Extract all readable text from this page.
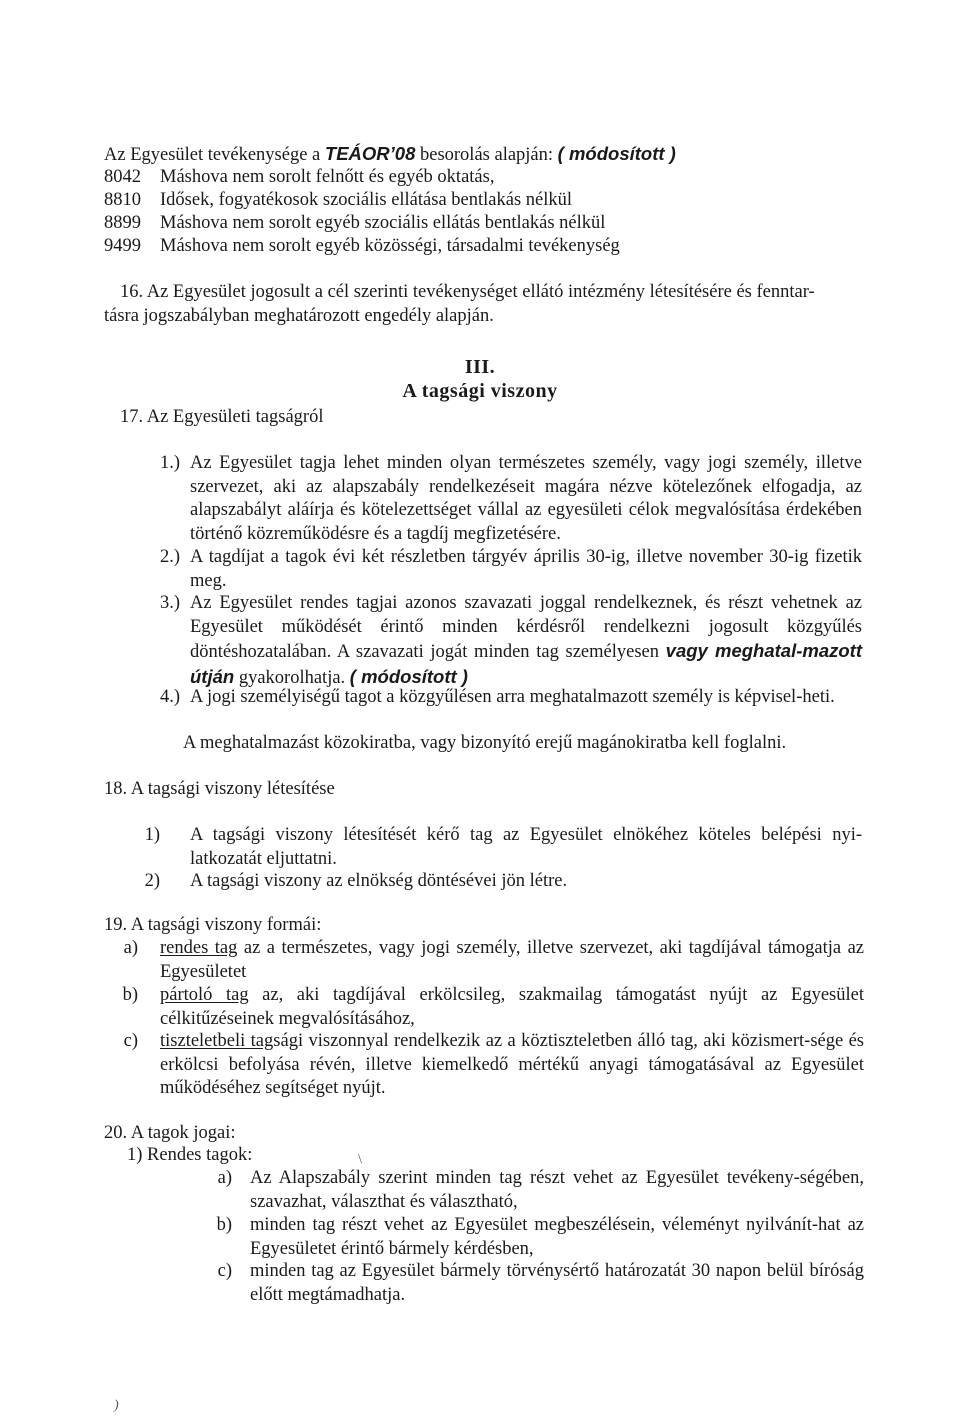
Az Egyesület tevékenysége a TEÁOR’08 besorolás alapján: ( módosított )
8042	Máshova nem sorolt felnőtt és egyéb oktatás,
8810	Idősek, fogyatékosok szociális ellátása bentlakás nélkül
8899	Máshova nem sorolt egyéb szociális ellátás bentlakás nélkül
9499	Máshova nem sorolt egyéb közösségi, társadalmi tevékenység
16. Az Egyesület jogosult a cél szerinti tevékenységet ellátó intézmény létesítésére és fenntar-
tásra jogszabályban meghatározott engedély alapján.
III.
A tagsági viszony
17. Az Egyesületi tagságról
1.) Az Egyesület tagja lehet minden olyan természetes személy, vagy jogi személy, illetve szervezet, aki az alapszabály rendelkezéseit magára nézve kötelezőnek elfogadja, az alapszabályt aláírja és kötelezettséget vállal az egyesületi célok megvalósítása érdekében történő közreműködésre és a tagdíj megfizetésére.
2.) A tagdíjat a tagok évi két részletben tárgyév április 30-ig, illetve november 30-ig fizetik meg.
3.) Az Egyesület rendes tagjai azonos szavazati joggal rendelkeznek, és részt vehetnek az Egyesület működését érintő minden kérdésről rendelkezni jogosult közgyűlés döntéshozatalában. A szavazati jogát minden tag személyesen vagy meghatal-mazott útján gyakorolhatja. ( módosított )
4.) A jogi személyiségű tagot a közgyűlésen arra meghatalmazott személy is képvisel-heti.
A meghatalmazást közokiratba, vagy bizonyító erejű magánokiratba kell foglalni.
18. A tagsági viszony létesítése
1) A tagsági viszony létesítését kérő tag az Egyesület elnökéhez köteles belépési nyi-latkozatát eljuttatni.
2) A tagsági viszony az elnökség döntésévei jön létre.
19. A tagsági viszony formái:
a) rendes tag az a természetes, vagy jogi személy, illetve szervezet, aki tagdíjával támogatja az Egyesületet
b) pártoló tag az, aki tagdíjával erkölcsileg, szakmailag támogatást nyújt az Egyesület célkitűzéseinek megvalósításához,
c) tiszteletbeli tagsági viszonnyal rendelkezik az a köztiszteletben álló tag, aki közismert-sége és erkölcsi befolyása révén, illetve kiemelkedő mértékű anyagi támogatásával az Egyesület működéséhez segítséget nyújt.
20. A tagok jogai:
1) Rendes tagok:	\
a) Az Alapszabály szerint minden tag részt vehet az Egyesület tevékeny-ségében, szavazhat, választhat és választható,
b) minden tag részt vehet az Egyesület megbeszélésein, véleményt nyilvánít-hat az Egyesületet érintő bármely kérdésben,
c) minden tag az Egyesület bármely törvénysértő határozatát 30 napon belül bíróság előtt megtámadhatja.
)
